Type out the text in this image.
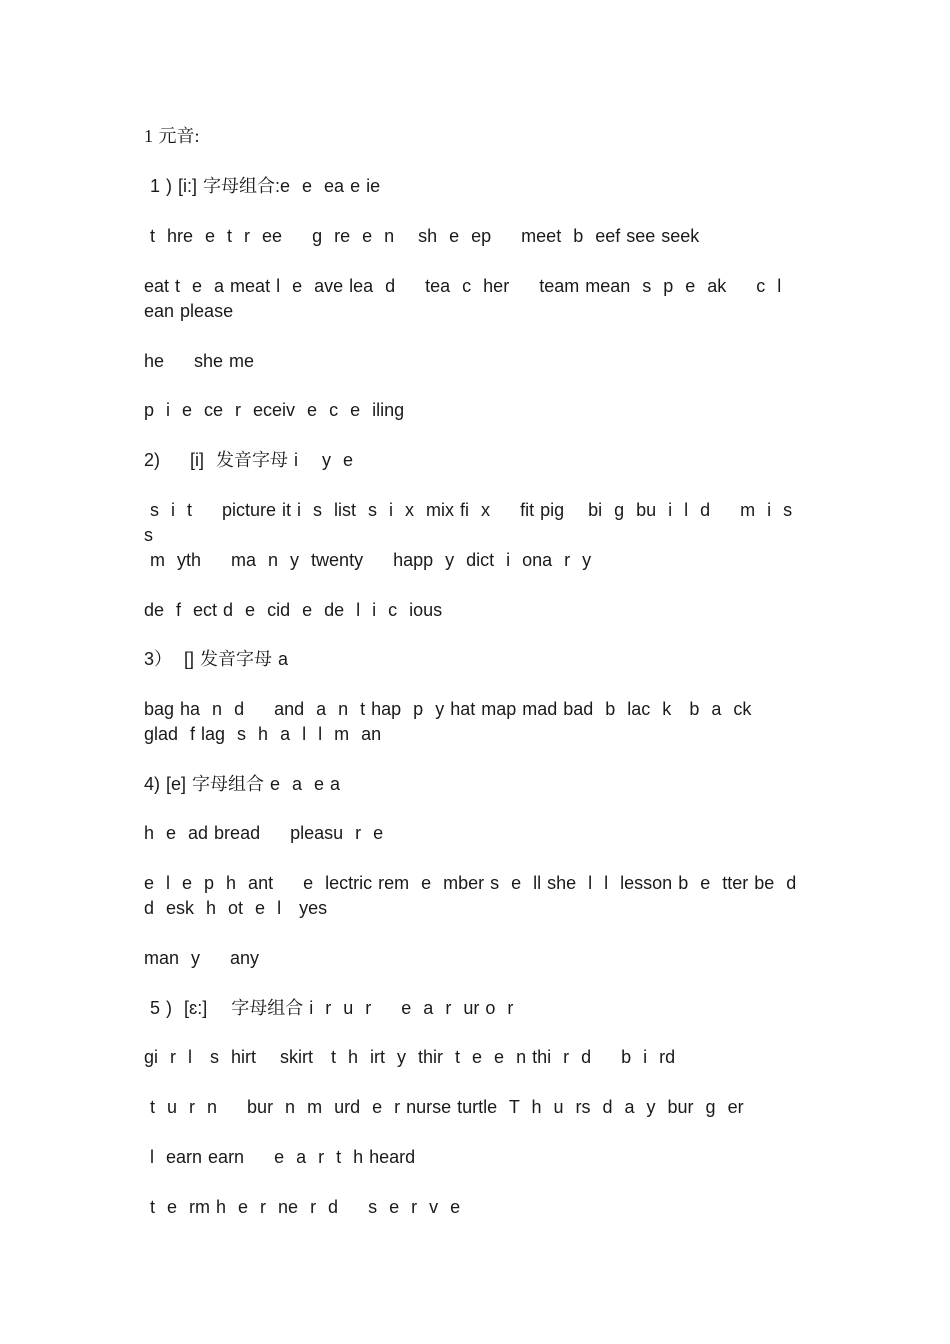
1 元音:
1 ) [i:] 字母组合:e  e  ea e ie
t  hre  e  t  r  ee     g  re  e  n    sh  e  ep     meet  b  eef see seek
eat t  e  a meat l  e  ave lea  d     tea  c  her     team mean  s  p  e  ak     c  l  ean please
he     she me
p  i  e  ce  r  eceiv  e  c  e  iling
2)     [i]  发音字母 i    y  e
s  i  t     picture it i  s  list  s  i  x  mix fi  x     fit pig    bi  g  bu  i  l  d     m  i  s  s
m  yth     ma  n  y  twenty     happ  y  dict  i  ona  r  y
de  f  ect d  e  cid  e  de  l  i  c  ious
3）  [] 发音字母 a
bag ha  n  d     and  a  n  t hap  p  y hat map mad bad  b  lac  k   b  a  ck     glad  f lag  s  h  a  l  l  m  an
4) [e] 字母组合 e  a  e a
h  e  ad bread     pleasu  r  e
e  l  e  p  h  ant     e  lectric rem  e  mber s  e  ll she  l  l  lesson b  e  tter be  d   d  esk  h  ot  e  l   yes
man  y     any
5 )  [ɛ:]    字母组合 i  r  u  r     e  a  r  ur o  r
gi  r  l   s  hirt    skirt   t  h  irt  y  thir  t  e  e  n thi  r  d     b  i  rd
t  u  r  n     bur  n  m  urd  e  r nurse turtle  T  h  u  rs  d  a  y  bur  g  er
l  earn earn     e  a  r  t  h heard
t  e  rm h  e  r  ne  r  d     s  e  r  v  e
